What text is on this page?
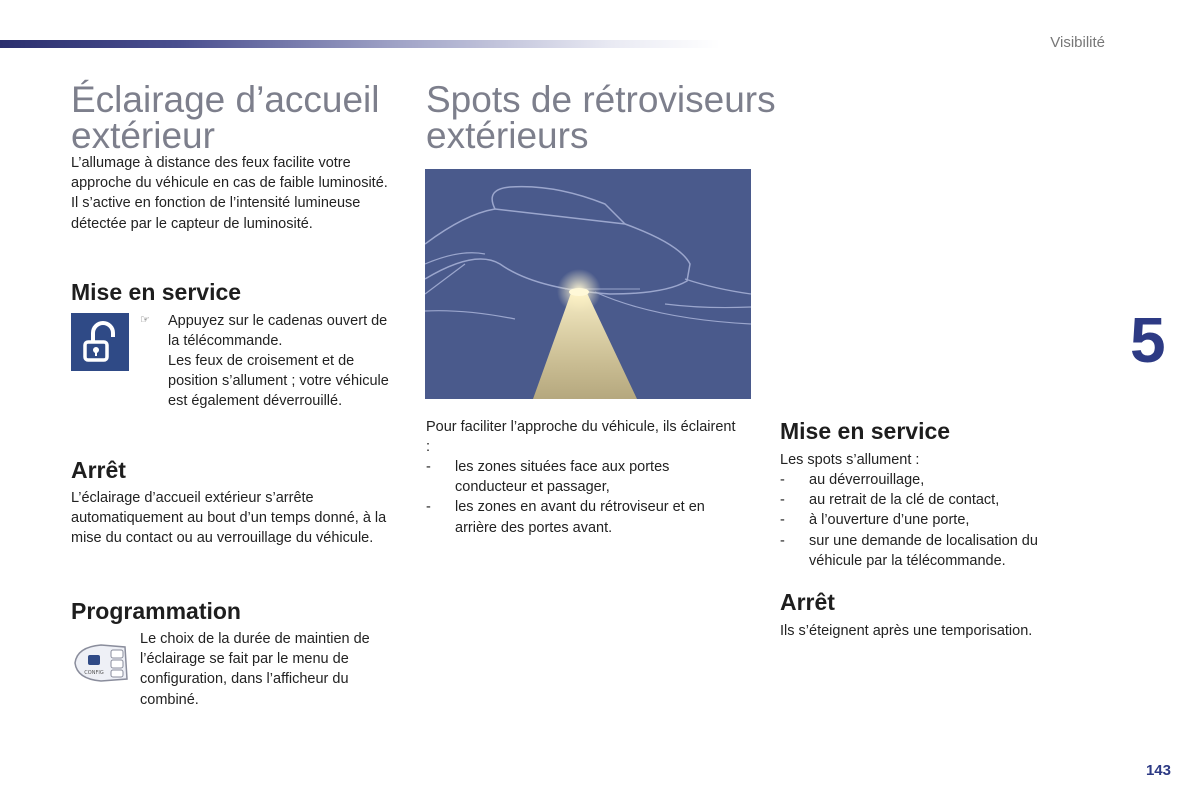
Visibilité
5
143
Éclairage d’accueil
extérieur

L’allumage à distance des feux facilite votre approche du véhicule en cas de faible luminosité. Il s’active en fonction de l’intensité lumineuse détectée par le capteur de luminosité.

Mise en service
☞ Appuyez sur le cadenas ouvert de la télécommande.

Les feux de croisement et de position s’allument ; votre véhicule est également déverrouillé.

Arrêt

L’éclairage d’accueil extérieur s’arrête automatiquement au bout d’un temps donné, à la mise du contact ou au verrouillage du véhicule.

Programmation
CONFIG

Le choix de la durée de maintien de l’éclairage se fait par le menu de configuration, dans l’afficheur du combiné.

Spots de rétroviseurs
extérieurs

Pour faciliter l’approche du véhicule, ils éclairent :

- les zones situées face aux portes conducteur et passager,
- les zones en avant du rétroviseur et en arrière des portes avant.
Mise en service

Les spots s’allument :

- au déverrouillage,
- au retrait de la clé de contact,
- à l’ouverture d’une porte,
- sur une demande de localisation du véhicule par la télécommande.
Arrêt

Ils s’éteignent après une temporisation.
